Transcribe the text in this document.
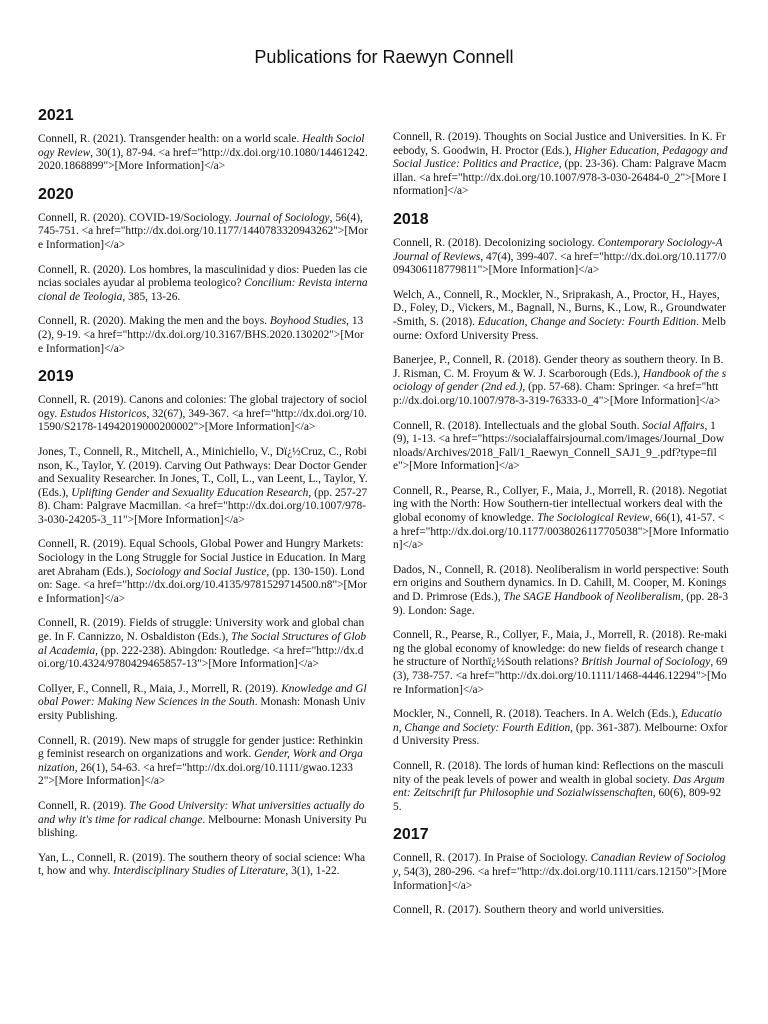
Publications for Raewyn Connell
2021
Connell, R. (2021). Transgender health: on a world scale. Health Sociology Review, 30(1), 87-94. <a href="http://dx.doi.org/10.1080/14461242.2020.1868899">[More Information]</a>
2020
Connell, R. (2020). COVID-19/Sociology. Journal of Sociology, 56(4), 745-751. <a href="http://dx.doi.org/10.1177/1440783320943262">[More Information]</a>
Connell, R. (2020). Los hombres, la masculinidad y dios: Pueden las ciencias sociales ayudar al problema teologico? Concilium: Revista internacional de Teologia, 385, 13-26.
Connell, R. (2020). Making the men and the boys. Boyhood Studies, 13(2), 9-19. <a href="http://dx.doi.org/10.3167/BHS.2020.130202">[More Information]</a>
2019
Connell, R. (2019). Canons and colonies: The global trajectory of sociology. Estudos Historicos, 32(67), 349-367. <a href="http://dx.doi.org/10.1590/S2178-14942019000200002">[More Information]</a>
Jones, T., Connell, R., Mitchell, A., Minichiello, V., Dï¿½Cruz, C., Robinson, K., Taylor, Y. (2019). Carving Out Pathways: Dear Doctor Gender and Sexuality Researcher. In Jones, T., Coll, L., van Leent, L., Taylor, Y. (Eds.), Uplifting Gender and Sexuality Education Research, (pp. 257-278). Cham: Palgrave Macmillan. <a href="http://dx.doi.org/10.1007/978-3-030-24205-3_11">[More Information]</a>
Connell, R. (2019). Equal Schools, Global Power and Hungry Markets: Sociology in the Long Struggle for Social Justice in Education. In Margaret Abraham (Eds.), Sociology and Social Justice, (pp. 130-150). London: Sage. <a href="http://dx.doi.org/10.4135/9781529714500.n8">[More Information]</a>
Connell, R. (2019). Fields of struggle: University work and global change. In F. Cannizzo, N. Osbaldiston (Eds.), The Social Structures of Global Academia, (pp. 222-238). Abingdon: Routledge. <a href="http://dx.doi.org/10.4324/9780429465857-13">[More Information]</a>
Collyer, F., Connell, R., Maia, J., Morrell, R. (2019). Knowledge and Global Power: Making New Sciences in the South. Monash: Monash University Publishing.
Connell, R. (2019). New maps of struggle for gender justice: Rethinking feminist research on organizations and work. Gender, Work and Organization, 26(1), 54-63. <a href="http://dx.doi.org/10.1111/gwao.12332">[More Information]</a>
Connell, R. (2019). The Good University: What universities actually do and why it's time for radical change. Melbourne: Monash University Publishing.
Yan, L., Connell, R. (2019). The southern theory of social science: What, how and why. Interdisciplinary Studies of Literature, 3(1), 1-22.
Connell, R. (2019). Thoughts on Social Justice and Universities. In K. Freebody, S. Goodwin, H. Proctor (Eds.), Higher Education, Pedagogy and Social Justice: Politics and Practice, (pp. 23-36). Cham: Palgrave Macmillan. <a href="http://dx.doi.org/10.1007/978-3-030-26484-0_2">[More Information]</a>
2018
Connell, R. (2018). Decolonizing sociology. Contemporary Sociology-A Journal of Reviews, 47(4), 399-407. <a href="http://dx.doi.org/10.1177/0094306118779811">[More Information]</a>
Welch, A., Connell, R., Mockler, N., Sriprakash, A., Proctor, H., Hayes, D., Foley, D., Vickers, M., Bagnall, N., Burns, K., Low, R., Groundwater-Smith, S. (2018). Education, Change and Society: Fourth Edition. Melbourne: Oxford University Press.
Banerjee, P., Connell, R. (2018). Gender theory as southern theory. In B. J. Risman, C. M. Froyum & W. J. Scarborough (Eds.), Handbook of the sociology of gender (2nd ed.), (pp. 57-68). Cham: Springer. <a href="http://dx.doi.org/10.1007/978-3-319-76333-0_4">[More Information]</a>
Connell, R. (2018). Intellectuals and the global South. Social Affairs, 1(9), 1-13. <a href="https://socialaffairsjournal.com/images/Journal_Downloads/Archives/2018_Fall/1_Raewyn_Connell_SAJ1_9_.pdf?type=file">[More Information]</a>
Connell, R., Pearse, R., Collyer, F., Maia, J., Morrell, R. (2018). Negotiating with the North: How Southern-tier intellectual workers deal with the global economy of knowledge. The Sociological Review, 66(1), 41-57. <a href="http://dx.doi.org/10.1177/0038026117705038">[More Information]</a>
Dados, N., Connell, R. (2018). Neoliberalism in world perspective: Southern origins and Southern dynamics. In D. Cahill, M. Cooper, M. Konings and D. Primrose (Eds.), The SAGE Handbook of Neoliberalism, (pp. 28-39). London: Sage.
Connell, R., Pearse, R., Collyer, F., Maia, J., Morrell, R. (2018). Re-making the global economy of knowledge: do new fields of research change the structure of Northï¿½South relations? British Journal of Sociology, 69(3), 738-757. <a href="http://dx.doi.org/10.1111/1468-4446.12294">[More Information]</a>
Mockler, N., Connell, R. (2018). Teachers. In A. Welch (Eds.), Education, Change and Society: Fourth Edition, (pp. 361-387). Melbourne: Oxford University Press.
Connell, R. (2018). The lords of human kind: Reflections on the masculinity of the peak levels of power and wealth in global society. Das Argument: Zeitschrift fur Philosophie und Sozialwissenschaften, 60(6), 809-925.
2017
Connell, R. (2017). In Praise of Sociology. Canadian Review of Sociology, 54(3), 280-296. <a href="http://dx.doi.org/10.1111/cars.12150">[More Information]</a>
Connell, R. (2017). Southern theory and world universities.
